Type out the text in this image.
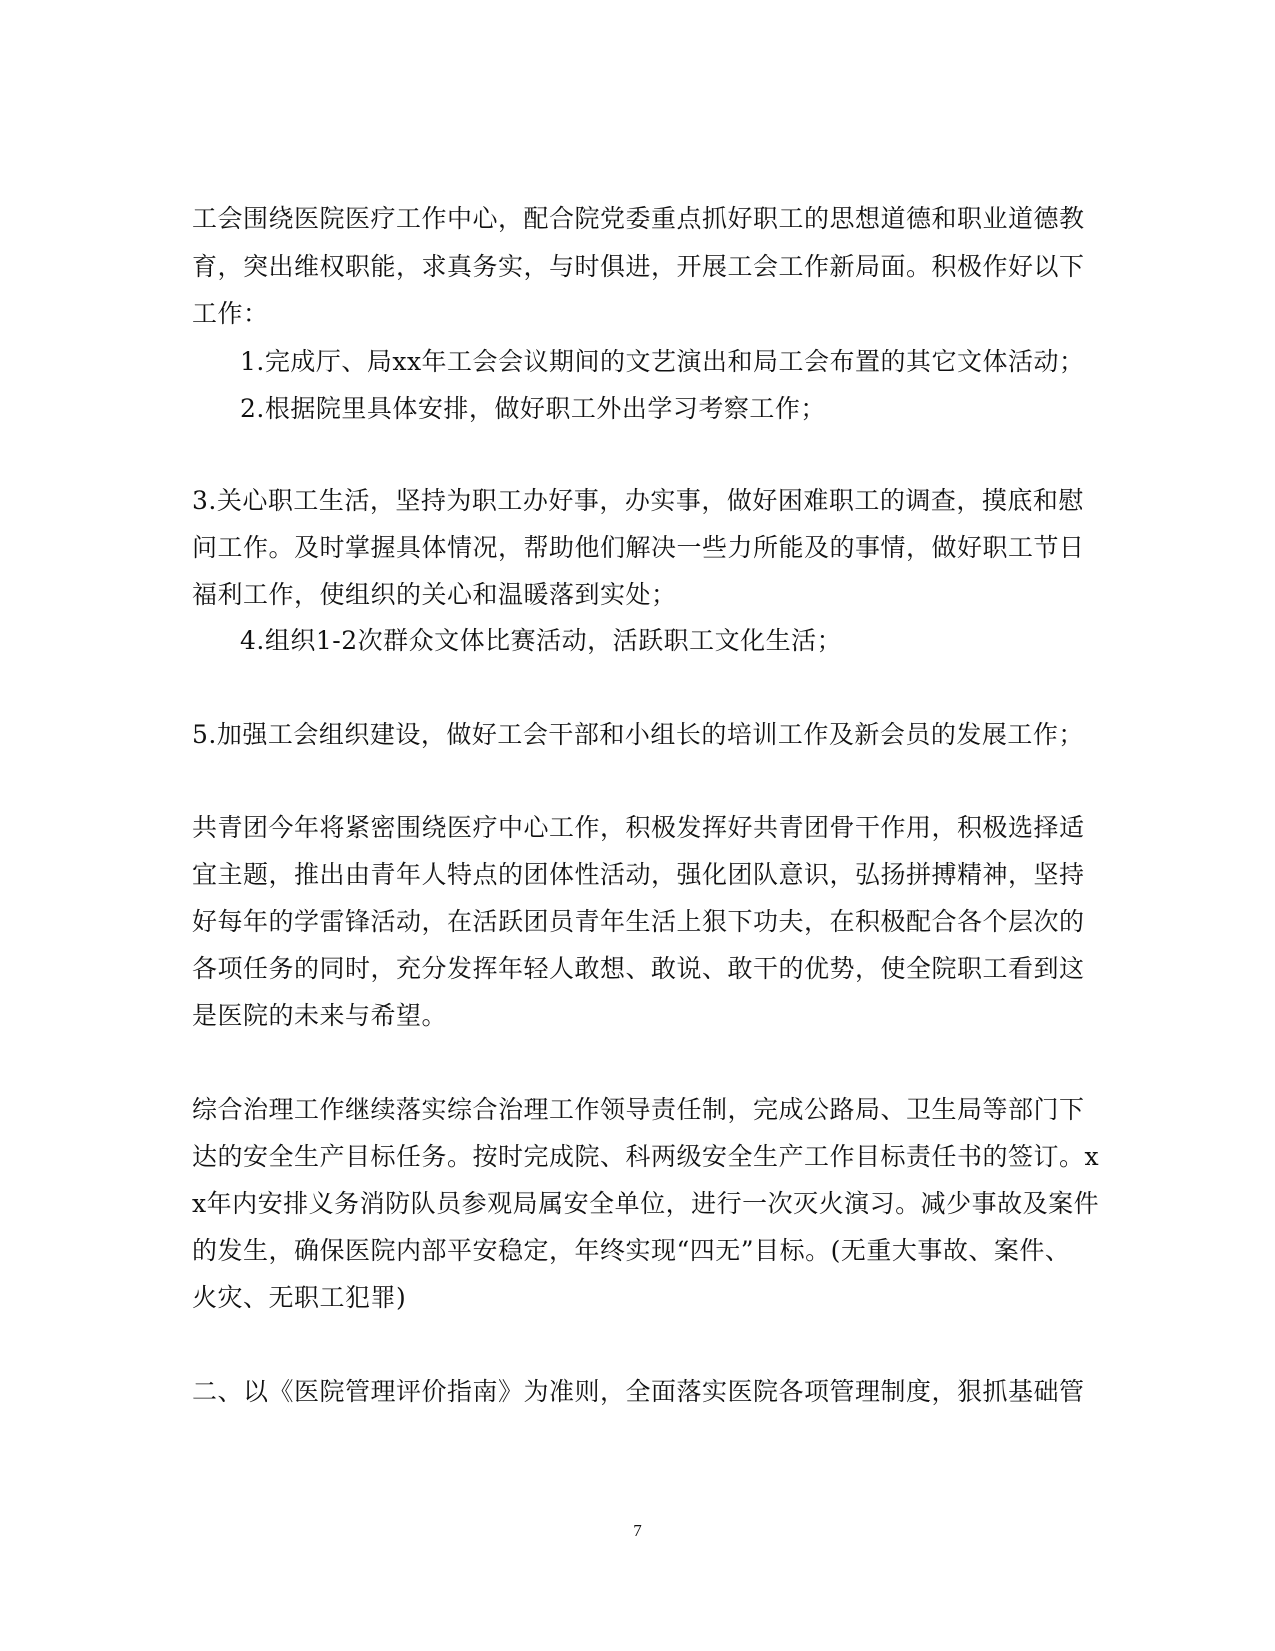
工会围绕医院医疗工作中心，配合院党委重点抓好职工的思想道德和职业道德教
育，突出维权职能，求真务实，与时俱进，开展工会工作新局面。积极作好以下
工作：
1.完成厅、局xx年工会会议期间的文艺演出和局工会布置的其它文体活动；
2.根据院里具体安排，做好职工外出学习考察工作；
3.关心职工生活，坚持为职工办好事，办实事，做好困难职工的调查，摸底和慰
问工作。及时掌握具体情况，帮助他们解决一些力所能及的事情，做好职工节日
福利工作，使组织的关心和温暖落到实处；
4.组织1-2次群众文体比赛活动，活跃职工文化生活；
5.加强工会组织建设，做好工会干部和小组长的培训工作及新会员的发展工作；
共青团今年将紧密围绕医疗中心工作，积极发挥好共青团骨干作用，积极选择适
宜主题，推出由青年人特点的团体性活动，强化团队意识，弘扬拼搏精神，坚持
好每年的学雷锋活动，在活跃团员青年生活上狠下功夫，在积极配合各个层次的
各项任务的同时，充分发挥年轻人敢想、敢说、敢干的优势，使全院职工看到这
是医院的未来与希望。
综合治理工作继续落实综合治理工作领导责任制，完成公路局、卫生局等部门下
达的安全生产目标任务。按时完成院、科两级安全生产工作目标责任书的签订。x
x年内安排义务消防队员参观局属安全单位，进行一次灭火演习。减少事故及案件
的发生，确保医院内部平安稳定，年终实现“四无”目标。(无重大事故、案件、
火灾、无职工犯罪)
二、以《医院管理评价指南》为准则，全面落实医院各项管理制度，狠抓基础管
7
